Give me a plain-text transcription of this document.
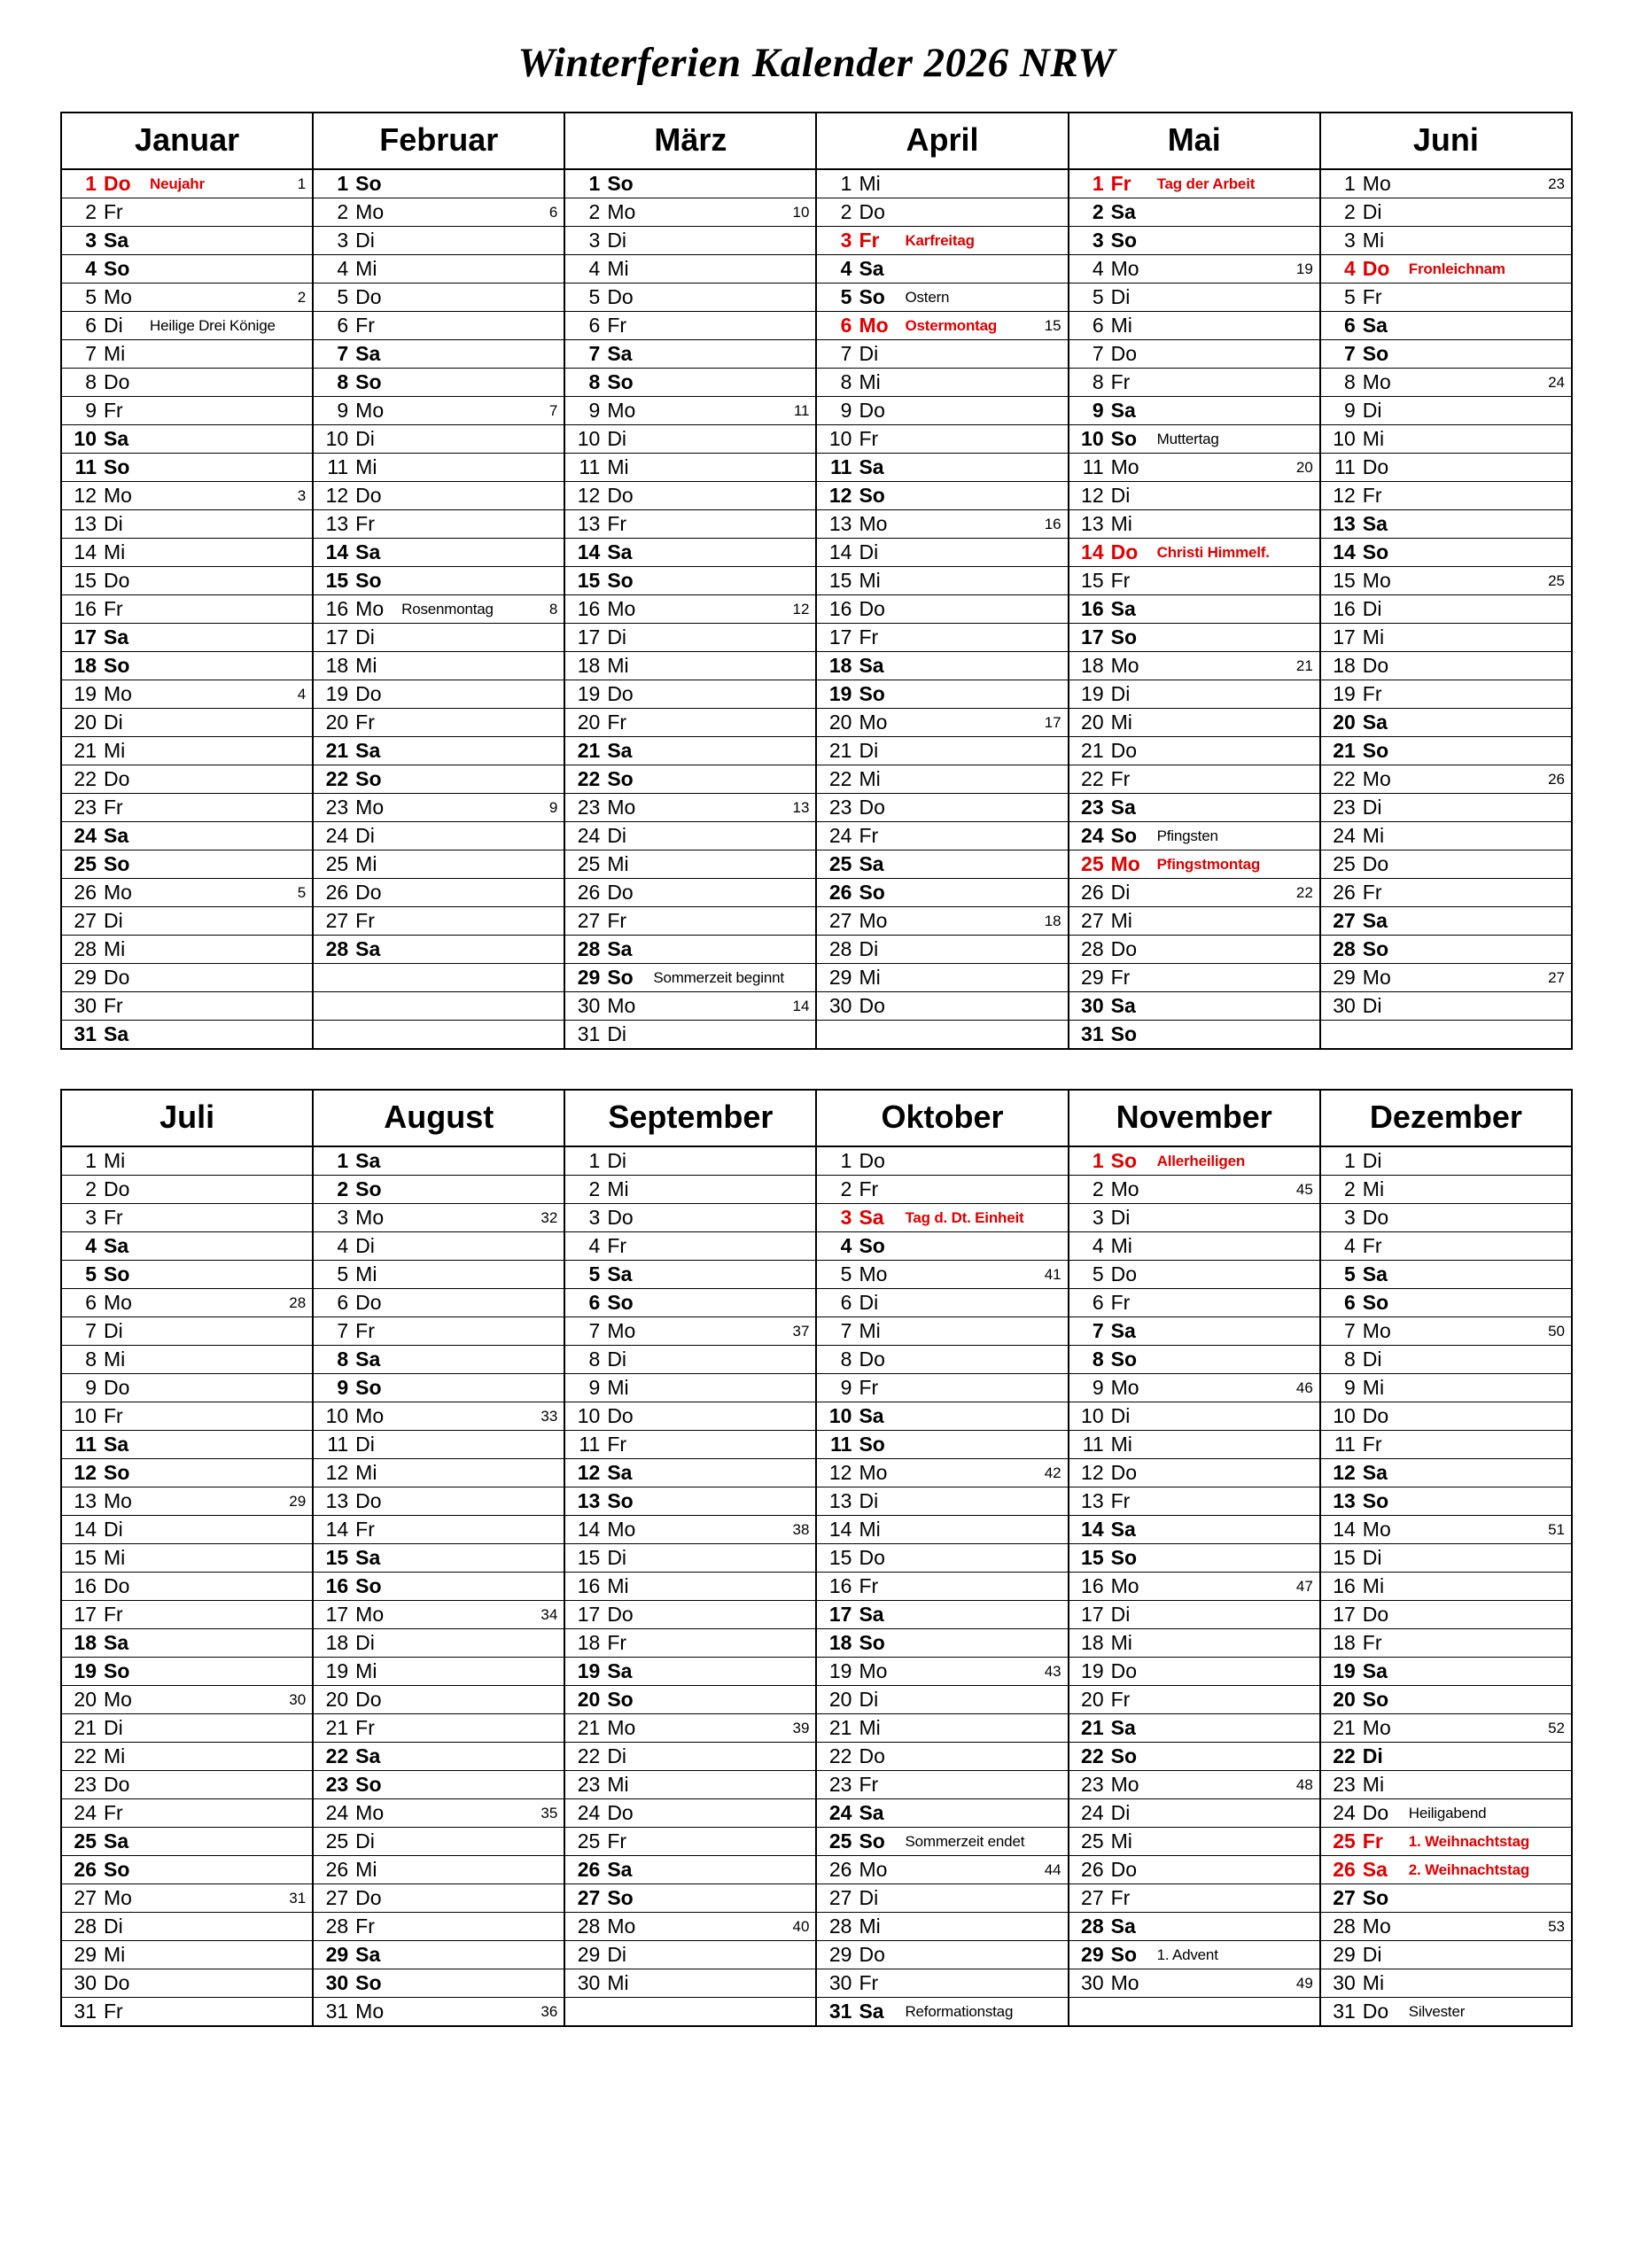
Winterferien Kalender 2026 NRW
Januar	Februar	März	April	Mai	Juni

1 Do Neujahr 1	1 So	1 So	1 Mi	1 Fr Tag der Arbeit	1 Mo 23

2 Fr	2 Mo 6	2 Mo 10	2 Do	2 Sa	2 Di

3 Sa	3 Di	3 Di	3 Fr Karfreitag	3 So	3 Mi

4 So	4 Mi	4 Mi	4 Sa	4 Mo 19	4 Do Fronleichnam

5 Mo 2	5 Do	5 Do	5 So Ostern	5 Di	5 Fr

6 Di Heilige Drei Könige	6 Fr	6 Fr	6 Mo Ostermontag 15	6 Mi	6 Sa

7 Mi	7 Sa	7 Sa	7 Di	7 Do	7 So

8 Do	8 So	8 So	8 Mi	8 Fr	8 Mo 24

9 Fr	9 Mo 7	9 Mo 11	9 Do	9 Sa	9 Di

10 Sa	10 Di	10 Di	10 Fr	10 So Muttertag	10 Mi

11 So	11 Mi	11 Mi	11 Sa	11 Mo 20	11 Do

12 Mo 3	12 Do	12 Do	12 So	12 Di	12 Fr

13 Di	13 Fr	13 Fr	13 Mo 16	13 Mi	13 Sa

14 Mi	14 Sa	14 Sa	14 Di	14 Do Christi Himmelf.	14 So

15 Do	15 So	15 So	15 Mi	15 Fr	15 Mo 25

16 Fr	16 Mo Rosenmontag 8	16 Mo 12	16 Do	16 Sa	16 Di

17 Sa	17 Di	17 Di	17 Fr	17 So	17 Mi

18 So	18 Mi	18 Mi	18 Sa	18 Mo 21	18 Do

19 Mo 4	19 Do	19 Do	19 So	19 Di	19 Fr

20 Di	20 Fr	20 Fr	20 Mo 17	20 Mi	20 Sa

21 Mi	21 Sa	21 Sa	21 Di	21 Do	21 So

22 Do	22 So	22 So	22 Mi	22 Fr	22 Mo 26

23 Fr	23 Mo 9	23 Mo 13	23 Do	23 Sa	23 Di

24 Sa	24 Di	24 Di	24 Fr	24 So Pfingsten	24 Mi

25 So	25 Mi	25 Mi	25 Sa	25 Mo Pfingstmontag	25 Do

26 Mo 5	26 Do	26 Do	26 So	26 Di 22	26 Fr

27 Di	27 Fr	27 Fr	27 Mo 18	27 Mi	27 Sa

28 Mi	28 Sa	28 Sa	28 Di	28 Do	28 So

29 Do		29 So Sommerzeit beginnt	29 Mi	29 Fr	29 Mo 27

30 Fr		30 Mo 14	30 Do	30 Sa	30 Di

31 Sa		31 Di		31 So	

Juli	August	September	Oktober	November	Dezember

1 Mi	1 Sa	1 Di	1 Do	1 So Allerheiligen	1 Di

2 Do	2 So	2 Mi	2 Fr	2 Mo 45	2 Mi

3 Fr	3 Mo 32	3 Do	3 Sa Tag d. Dt. Einheit	3 Di	3 Do

4 Sa	4 Di	4 Fr	4 So	4 Mi	4 Fr

5 So	5 Mi	5 Sa	5 Mo 41	5 Do	5 Sa

6 Mo 28	6 Do	6 So	6 Di	6 Fr	6 So

7 Di	7 Fr	7 Mo 37	7 Mi	7 Sa	7 Mo 50

8 Mi	8 Sa	8 Di	8 Do	8 So	8 Di

9 Do	9 So	9 Mi	9 Fr	9 Mo 46	9 Mi

10 Fr	10 Mo 33	10 Do	10 Sa	10 Di	10 Do

11 Sa	11 Di	11 Fr	11 So	11 Mi	11 Fr

12 So	12 Mi	12 Sa	12 Mo 42	12 Do	12 Sa

13 Mo 29	13 Do	13 So	13 Di	13 Fr	13 So

14 Di	14 Fr	14 Mo 38	14 Mi	14 Sa	14 Mo 51

15 Mi	15 Sa	15 Di	15 Do	15 So	15 Di

16 Do	16 So	16 Mi	16 Fr	16 Mo 47	16 Mi

17 Fr	17 Mo 34	17 Do	17 Sa	17 Di	17 Do

18 Sa	18 Di	18 Fr	18 So	18 Mi	18 Fr

19 So	19 Mi	19 Sa	19 Mo 43	19 Do	19 Sa

20 Mo 30	20 Do	20 So	20 Di	20 Fr	20 So

21 Di	21 Fr	21 Mo 39	21 Mi	21 Sa	21 Mo 52

22 Mi	22 Sa	22 Di	22 Do	22 So	22 Di

23 Do	23 So	23 Mi	23 Fr	23 Mo 48	23 Mi

24 Fr	24 Mo 35	24 Do	24 Sa	24 Di	24 Do Heiligabend

25 Sa	25 Di	25 Fr	25 So Sommerzeit endet	25 Mi	25 Fr 1. Weihnachtstag

26 So	26 Mi	26 Sa	26 Mo 44	26 Do	26 Sa 2. Weihnachtstag

27 Mo 31	27 Do	27 So	27 Di	27 Fr	27 So

28 Di	28 Fr	28 Mo 40	28 Mi	28 Sa	28 Mo 53

29 Mi	29 Sa	29 Di	29 Do	29 So 1. Advent	29 Di

30 Do	30 So	30 Mi	30 Fr	30 Mo 49	30 Mi

31 Fr	31 Mo 36		31 Sa Reformationstag		31 Do Silvester
